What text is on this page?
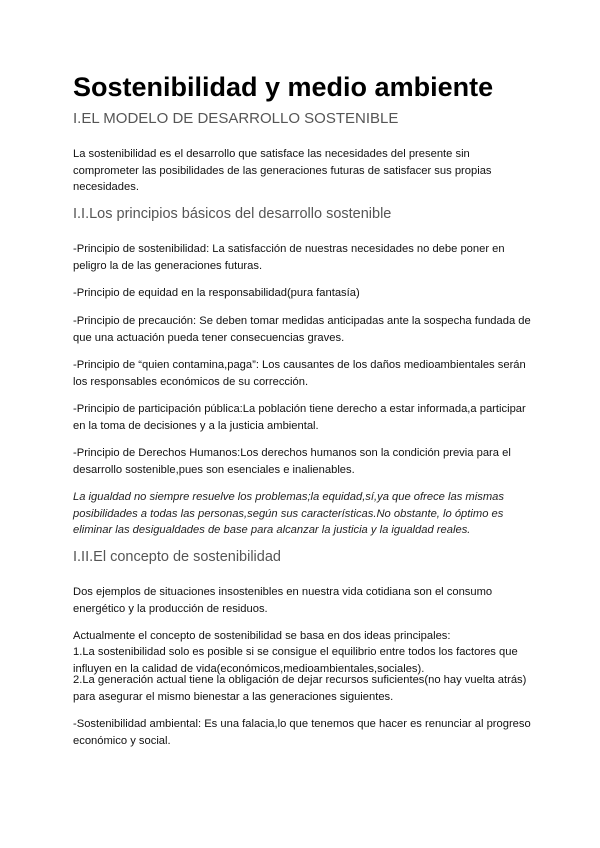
Sostenibilidad y medio ambiente
I.EL MODELO DE DESARROLLO SOSTENIBLE

La sostenibilidad es el desarrollo que satisface las necesidades del presente sin comprometer las posibilidades de las generaciones futuras de satisfacer sus propias necesidades.

I.I.Los principios básicos del desarrollo sostenible

-Principio de sostenibilidad: La satisfacción de nuestras necesidades no debe poner en peligro la de las generaciones futuras.

-Principio de equidad en la responsabilidad(pura fantasía)

-Principio de precaución: Se deben tomar medidas anticipadas ante la sospecha fundada de que una actuación pueda tener consecuencias graves.

-Principio de “quien contamina,paga”: Los causantes de los daños medioambientales serán los responsables económicos de su corrección.

-Principio de participación pública:La población tiene derecho a estar informada,a participar en la toma de decisiones y a la justicia ambiental.

-Principio de Derechos Humanos:Los derechos humanos son la condición previa para el desarrollo sostenible,pues son esenciales e inalienables.

La igualdad no siempre resuelve los problemas;la equidad,sí,ya que ofrece las mismas posibilidades a todas las personas,según sus características.No obstante, lo óptimo es eliminar las desigualdades de base para alcanzar la justicia y la igualdad reales.

I.II.El concepto de sostenibilidad

Dos ejemplos de situaciones insostenibles en nuestra vida cotidiana son el consumo energético y la producción de residuos.

Actualmente el concepto de sostenibilidad se basa en dos ideas principales:

1.La sostenibilidad solo es posible si se consigue el equilibrio entre todos los factores que influyen en la calidad de vida(económicos,medioambientales,sociales).

2.La generación actual tiene la obligación de dejar recursos suficientes(no hay vuelta atrás) para asegurar el mismo bienestar a las generaciones siguientes.

-Sostenibilidad ambiental: Es una falacia,lo que tenemos que hacer es renunciar al progreso económico y social.
